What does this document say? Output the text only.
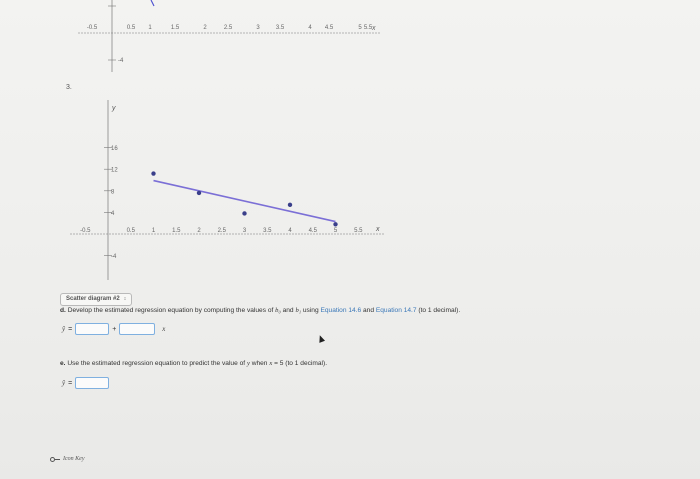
-4
-0.5	0.5 1	1.5	2	2.5	3	3.5	4 4.5	5 5.5 x
3.
y
x
16
12
8
4
-4
-0.5	0.5	1	1.5	2	2.5	3	3.5	4	4.5	5	5.5
Scatter diagram #2 ↕
d. Develop the estimated regression equation by computing the values of b₀ and b₁ using Equation 14.6 and Equation 14.7 (to 1 decimal).
ŷ =	+	x
e. Use the estimated regression equation to predict the value of y when x = 5 (to 1 decimal).
ŷ =
Icon Key
